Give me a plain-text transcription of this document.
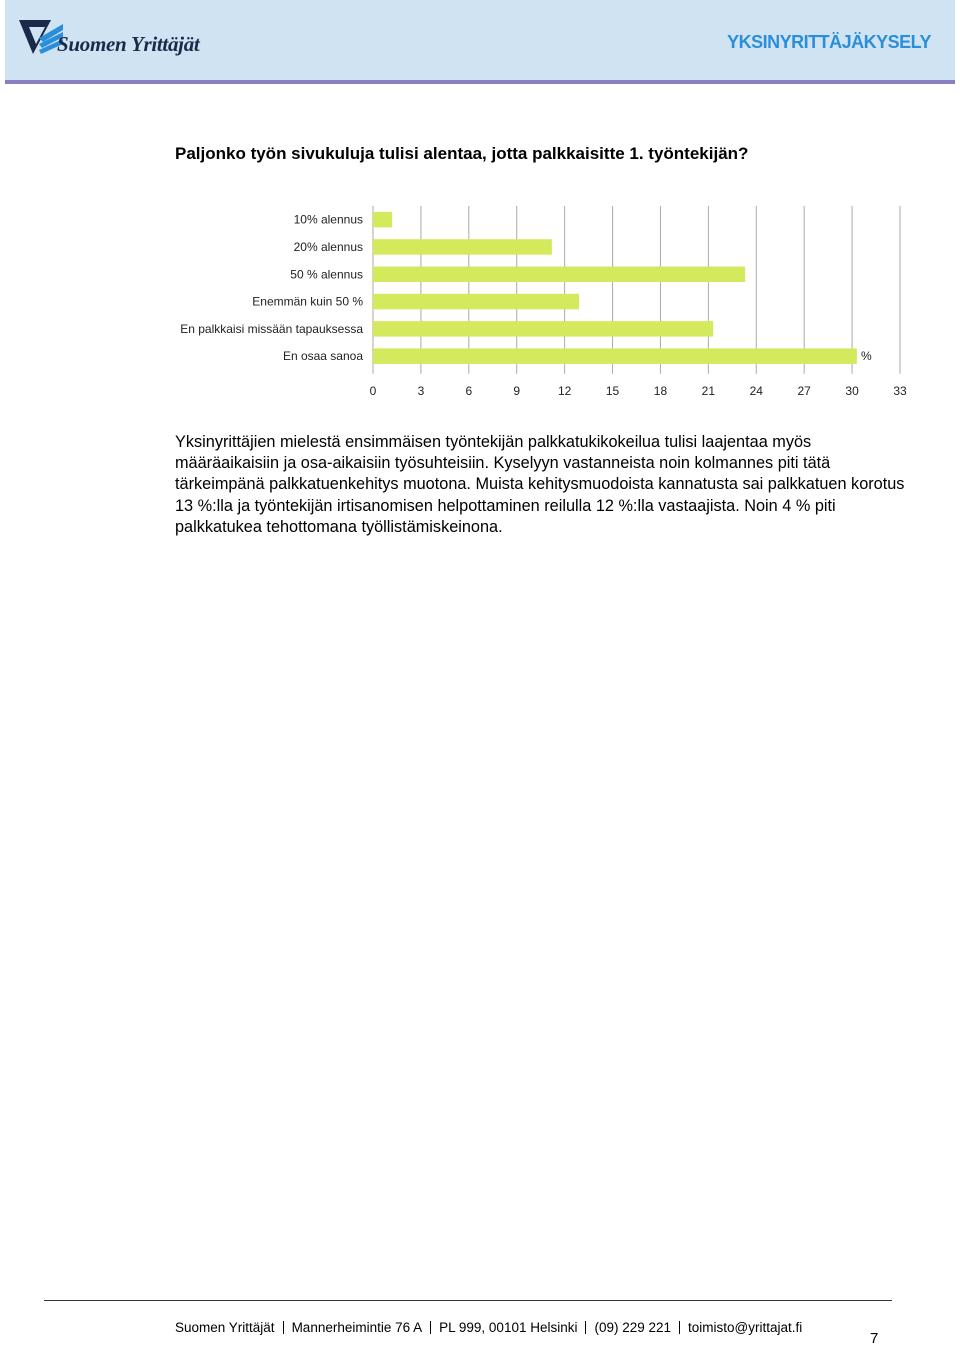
Suomen Yrittäjät	YKSINYRITTÄJÄKYSELY
Paljonko työn sivukuluja tulisi alentaa, jotta palkkaisitte 1. työntekijän?
0	3	6	9	12	15	18	21	24	27	30	33
10% alennus
20% alennus
50 % alennus
Enemmän kuin 50 %
En palkkaisi missään tapauksessa
En osaa sanoa	%
Yksinyrittäjien mielestä ensimmäisen työntekijän palkkatukikokeilua tulisi laajentaa myös määräaikaisiin ja osa-aikaisiin työsuhteisiin. Kyselyyn vastanneista noin kolmannes piti tätä tärkeimpänä palkkatuenkehitys muotona. Muista kehitysmuodoista kannatusta sai palkkatuen korotus 13 %:lla ja työntekijän irtisanomisen helpottaminen reilulla 12 %:lla vastaajista. Noin 4 % piti palkkatukea tehottomana työllistämiskeinona.
Suomen Yrittäjät Mannerheimintie 76 A PL 999, 00101 Helsinki (09) 229 221 toimisto@yrittajat.fi
7
